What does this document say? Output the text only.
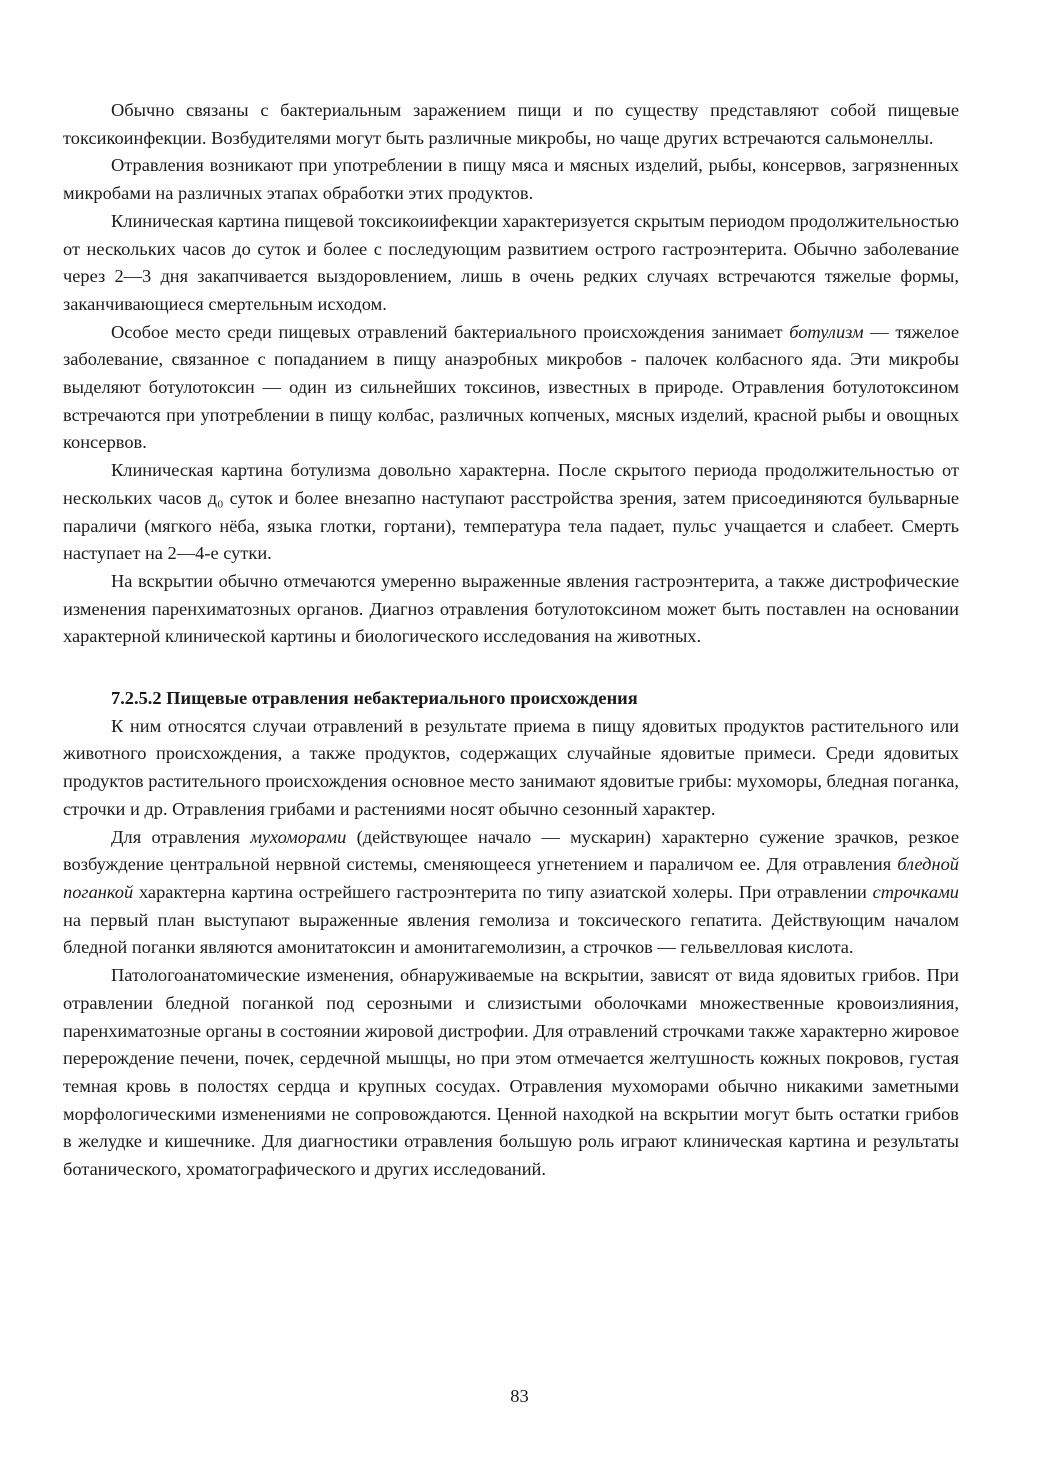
Обычно связаны с бактериальным заражением пищи и по существу представляют собой пищевые токсикоинфекции. Возбудителями могут быть различные микробы, но чаще других встречаются сальмонеллы.

Отравления возникают при употреблении в пищу мяса и мясных изделий, рыбы, консервов, загрязненных микробами на различных этапах обработки этих продуктов.

Клиническая картина пищевой токсикоиифекции характеризуется скрытым периодом продолжительностью от нескольких часов до суток и более с последующим развитием острого гастроэнтерита. Обычно заболевание через 2—3 дня закапчивается выздоровлением, лишь в очень редких случаях встречаются тяжелые формы, заканчивающиеся смертельным исходом.

Особое место среди пищевых отравлений бактериального происхождения занимает ботулизм — тяжелое заболевание, связанное с попаданием в пищу анаэробных микробов - палочек колбасного яда. Эти микробы выделяют ботулотоксин — один из сильнейших токсинов, известных в природе. Отравления ботулотоксином встречаются при употреблении в пищу колбас, различных копченых, мясных изделий, красной рыбы и овощных консервов.

Клиническая картина ботулизма довольно характерна. После скрытого периода продолжительностью от нескольких часов д₀ суток и более внезапно наступают расстройства зрения, затем присоединяются бульварные параличи (мягкого нёба, языка глотки, гортани), температура тела падает, пульс учащается и слабеет. Смерть наступает на 2—4-е сутки.

На вскрытии обычно отмечаются умеренно выраженные явления гастроэнтерита, а также дистрофические изменения паренхиматозных органов. Диагноз отравления ботулотоксином может быть поставлен на основании характерной клинической картины и биологического исследования на животных.

7.2.5.2 Пищевые отравления небактериального происхождения

К ним относятся случаи отравлений в результате приема в пищу ядовитых продуктов растительного или животного происхождения, а также продуктов, содержащих случайные ядовитые примеси. Среди ядовитых продуктов растительного происхождения основное место занимают ядовитые грибы: мухоморы, бледная поганка, строчки и др. Отравления грибами и растениями носят обычно сезонный характер.

Для отравления мухоморами (действующее начало — мускарин) характерно сужение зрачков, резкое возбуждение центральной нервной системы, сменяющееся угнетением и параличом ее. Для отравления бледной поганкой характерна картина острейшего гастроэнтерита по типу азиатской холеры. При отравлении строчками на первый план выступают выраженные явления гемолиза и токсического гепатита. Действующим началом бледной поганки являются амонитатоксин и амонитагемолизин, а строчков — гельвелловая кислота.

Патологоанатомические изменения, обнаруживаемые на вскрытии, зависят от вида ядовитых грибов. При отравлении бледной поганкой под серозными и слизистыми оболочками множественные кровоизлияния, паренхиматозные органы в состоянии жировой дистрофии. Для отравлений строчками также характерно жировое перерождение печени, почек, сердечной мышцы, но при этом отмечается желтушность кожных покровов, густая темная кровь в полостях сердца и крупных сосудах. Отравления мухоморами обычно никакими заметными морфологическими изменениями не сопровождаются. Ценной находкой на вскрытии могут быть остатки грибов в желудке и кишечнике. Для диагностики отравления большую роль играют клиническая картина и результаты ботанического, хроматографического и других исследований.

83
